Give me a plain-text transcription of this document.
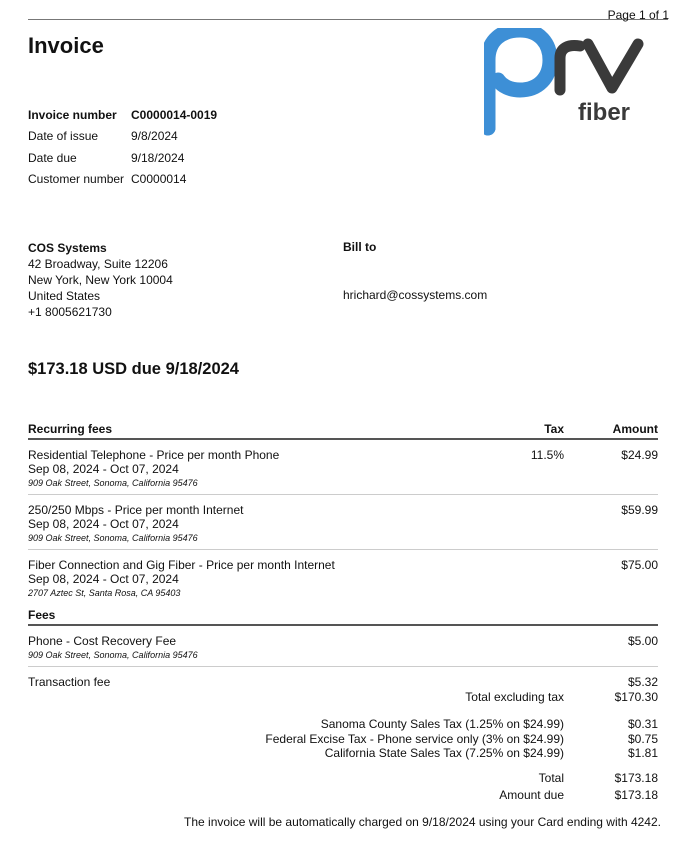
Page 1 of 1
Invoice
fiber
Invoice number	C0000014-0019
Date of issue	9/8/2024
Date due	9/18/2024
Customer number C0000014
COS Systems
42 Broadway, Suite 12206
New York, New York 10004
United States
+1 8005621730
Bill to
hrichard@cossystems.com
$173.18 USD due 9/18/2024
Recurring fees	Tax	Amount
Residential Telephone - Price per month Phone
Sep 08, 2024 - Oct 07, 2024
909 Oak Street, Sonoma, California 95476
11.5%	$24.99
250/250 Mbps - Price per month Internet
Sep 08, 2024 - Oct 07, 2024
909 Oak Street, Sonoma, California 95476
$59.99
Fiber Connection and Gig Fiber - Price per month Internet
Sep 08, 2024 - Oct 07, 2024
2707 Aztec St, Santa Rosa, CA 95403
$75.00
Fees
Phone - Cost Recovery Fee
909 Oak Street, Sonoma, California 95476
$5.00
Transaction fee	$5.32
Total excluding tax	$170.30
Sanoma County Sales Tax (1.25% on $24.99)	$0.31
Federal Excise Tax - Phone service only (3% on $24.99)	$0.75
California State Sales Tax (7.25% on $24.99)	$1.81
Total	$173.18
Amount due	$173.18
The invoice will be automatically charged on 9/18/2024 using your Card ending with 4242.
